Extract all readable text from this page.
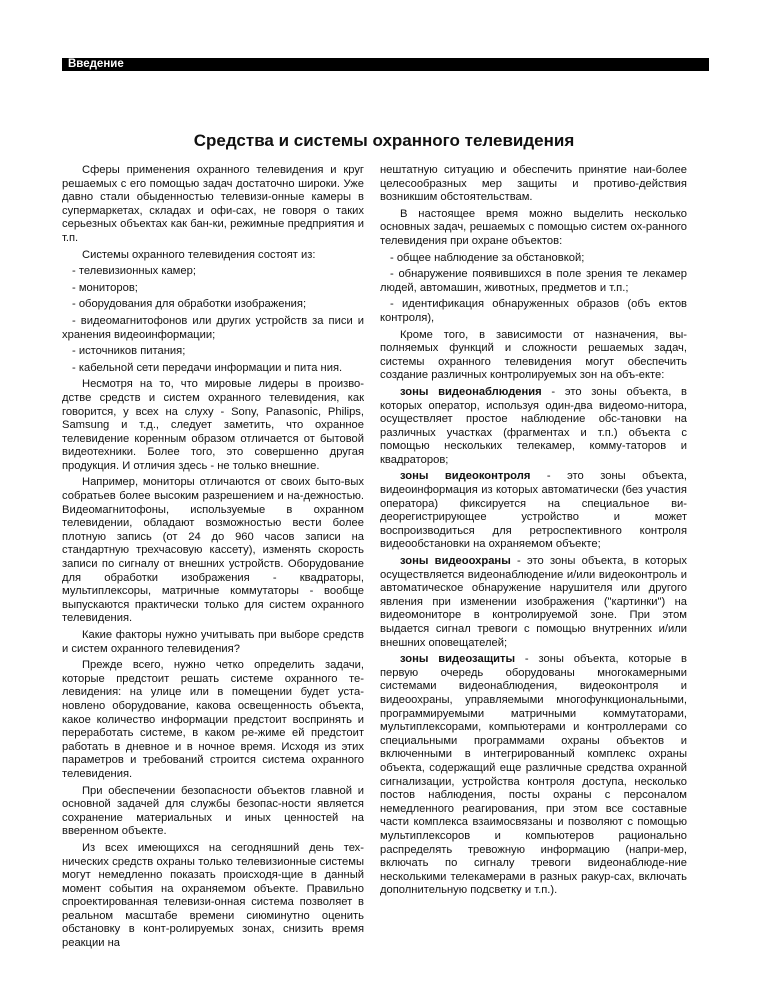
Введение
Средства и системы охранного телевидения

Сферы применения охранного телевидения и круг решаемых с его помощью задач достаточно широки. Уже давно стали обыденностью телевизи-онные камеры в супермаркетах, складах и офи-сах, не говоря о таких серьезных объектах как бан-ки, режимные предприятия и т.п.

Системы охранного телевидения состоят из:

- телевизионных камер;

- мониторов;

- оборудования для обработки изображения;

- видеомагнитофонов или других устройств за писи и хранения видеоинформации;

- источников питания;

- кабельной сети передачи информации и пита ния.

Несмотря на то, что мировые лидеры в произво-дстве средств и систем охранного телевидения, как говорится, у всех на слуху - Sony, Panasonic, Philips, Samsung и т.д., следует заметить, что охранное телевидение коренным образом отличается от бытовой видеотехники. Более того, это совершенно другая продукция. И отличия здесь - не только внешние.

Например, мониторы отличаются от своих быто-вых собратьев более высоким разрешением и на-дежностью. Видеомагнитофоны, используемые в охранном телевидении, обладают возможностью вести более плотную запись (от 24 до 960 часов записи на стандартную трехчасовую кассету), изменять скорость записи по сигналу от внешних устройств. Оборудование для обработки изображения - квадраторы, мультиплексоры, матричные коммутаторы - вообще выпускаются практически только для систем охранного телевидения.

Какие факторы нужно учитывать при выборе средств и систем охранного телевидения?

Прежде всего, нужно четко определить задачи, которые предстоит решать системе охранного те-левидения: на улице или в помещении будет уста-новлено оборудование, какова освещенность объекта, какое количество информации предстоит воспринять и переработать системе, в каком ре-жиме ей предстоит работать в дневное и в ночное время. Исходя из этих параметров и требований строится система охранного телевидения.

При обеспечении безопасности объектов главной и основной задачей для службы безопас-ности является сохранение материальных и иных ценностей на вверенном объекте.

Из всех имеющихся на сегодняшний день тех-нических средств охраны только телевизионные системы могут немедленно показать происходя-щие в данный момент события на охраняемом объекте. Правильно спроектированная телевизи-онная система позволяет в реальном масштабе времени сиюминутно оценить обстановку в конт-ролируемых зонах, снизить время реакции на

нештатную ситуацию и обеспечить принятие наи-более целесообразных мер защиты и противо-действия возникшим обстоятельствам.

В настоящее время можно выделить несколько основных задач, решаемых с помощью систем ох-ранного телевидения при охране объектов:

- общее наблюдение за обстановкой;

- обнаружение появившихся в поле зрения те лекамер людей, автомашин, животных, предметов и т.п.;

- идентификация обнаруженных образов (объ ектов контроля),

Кроме того, в зависимости от назначения, вы-полняемых функций и сложности решаемых задач, системы охранного телевидения могут обеспечить создание различных контролируемых зон на объ-екте:

зоны видеонаблюдения - это зоны объекта, в которых оператор, используя один-два видеомо-нитора, осуществляет простое наблюдение обс-тановки на различных участках (фрагментах и т.п.) объекта с помощью нескольких телекамер, комму-таторов и квадраторов;

зоны видеоконтроля - это зоны объекта, видеоинформация из которых автоматически (без участия оператора) фиксируется на специальное ви-деорегистрирующее устройство и может воспроизводиться для ретроспективного контроля видеообстановки на охраняемом объекте;

зоны видеоохраны - это зоны объекта, в которых осуществляется видеонаблюдение и/или видеоконтроль и автоматическое обнаружение нарушителя или другого явления при изменении изображения ("картинки") на видеомониторе в контролируемой зоне. При этом выдается сигнал тревоги с помощью внутренних и/или внешних оповещателей;

зоны видеозащиты - зоны объекта, которые в первую очередь оборудованы многокамерными системами видеонаблюдения, видеоконтроля и видеоохраны, управляемыми многофункциональными, программируемыми матричными коммутаторами, мультиплексорами, компьютерами и контроллерами со специальными программами охраны объектов и включенными в интегрированный комплекс охраны объекта, содержащий еще различные средства охранной сигнализации, устройства контроля доступа, несколько постов наблюдения, посты охраны с персоналом немедленного реагирования, при этом все составные части комплекса взаимосвязаны и позволяют с помощью мультиплексоров и компьютеров рационально распределять тревожную информацию (напри-мер, включать по сигналу тревоги видеонаблюде-ние несколькими телекамерами в разных ракур-сах, включать дополнительную подсветку и т.п.).
